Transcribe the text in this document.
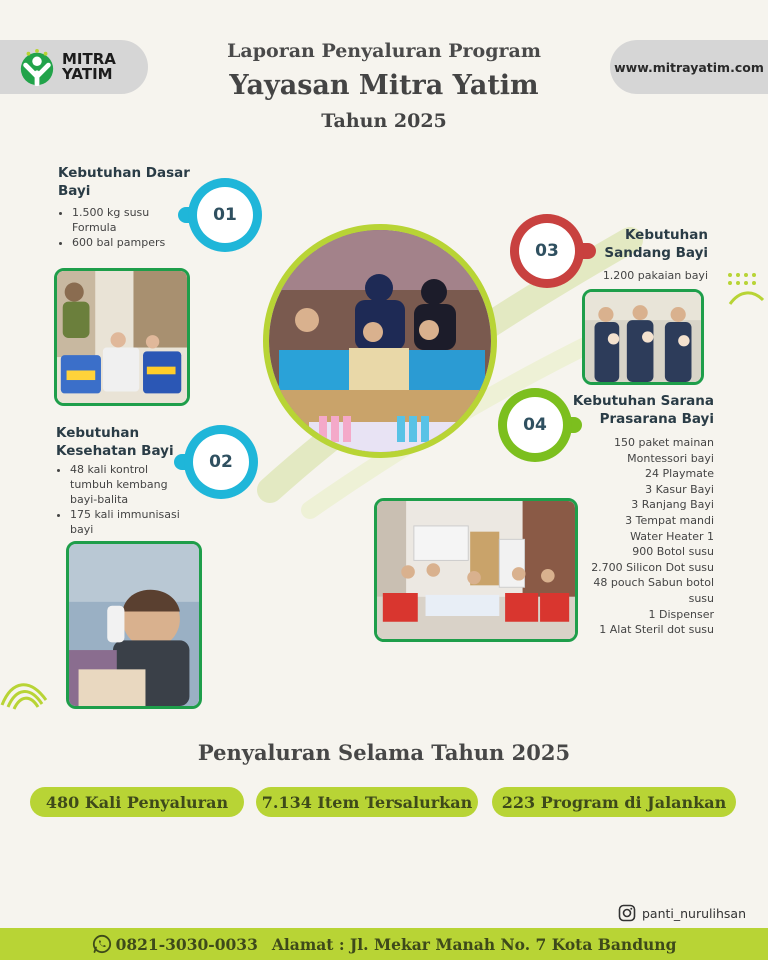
MITRA
YATIM	www.mitrayatim.com
Laporan Penyaluran Program
Yayasan Mitra Yatim
Tahun 2025
Kebutuhan Dasar
Bayi
• 1.500 kg susu Formula
• 600 bal pampers
01
Kebutuhan
Kesehatan Bayi
• 48 kali kontrol tumbuh kembang bayi-balita
• 175 kali immunisasi bayi
02
03
Kebutuhan
Sandang Bayi
1.200 pakaian bayi
04
Kebutuhan Sarana
Prasarana Bayi
150 paket mainan
Montessori bayi
24 Playmate
3 Kasur Bayi
3 Ranjang Bayi
3 Tempat mandi
Water Heater 1
900 Botol susu
2.700 Silicon Dot susu
48 pouch Sabun botol
susu
1 Dispenser
1 Alat Steril dot susu
Penyaluran Selama Tahun 2025
480 Kali Penyaluran	7.134 Item Tersalurkan	223 Program di Jalankan
panti_nurulihsan
0821-3030-0033 Alamat : Jl. Mekar Manah No. 7 Kota Bandung
